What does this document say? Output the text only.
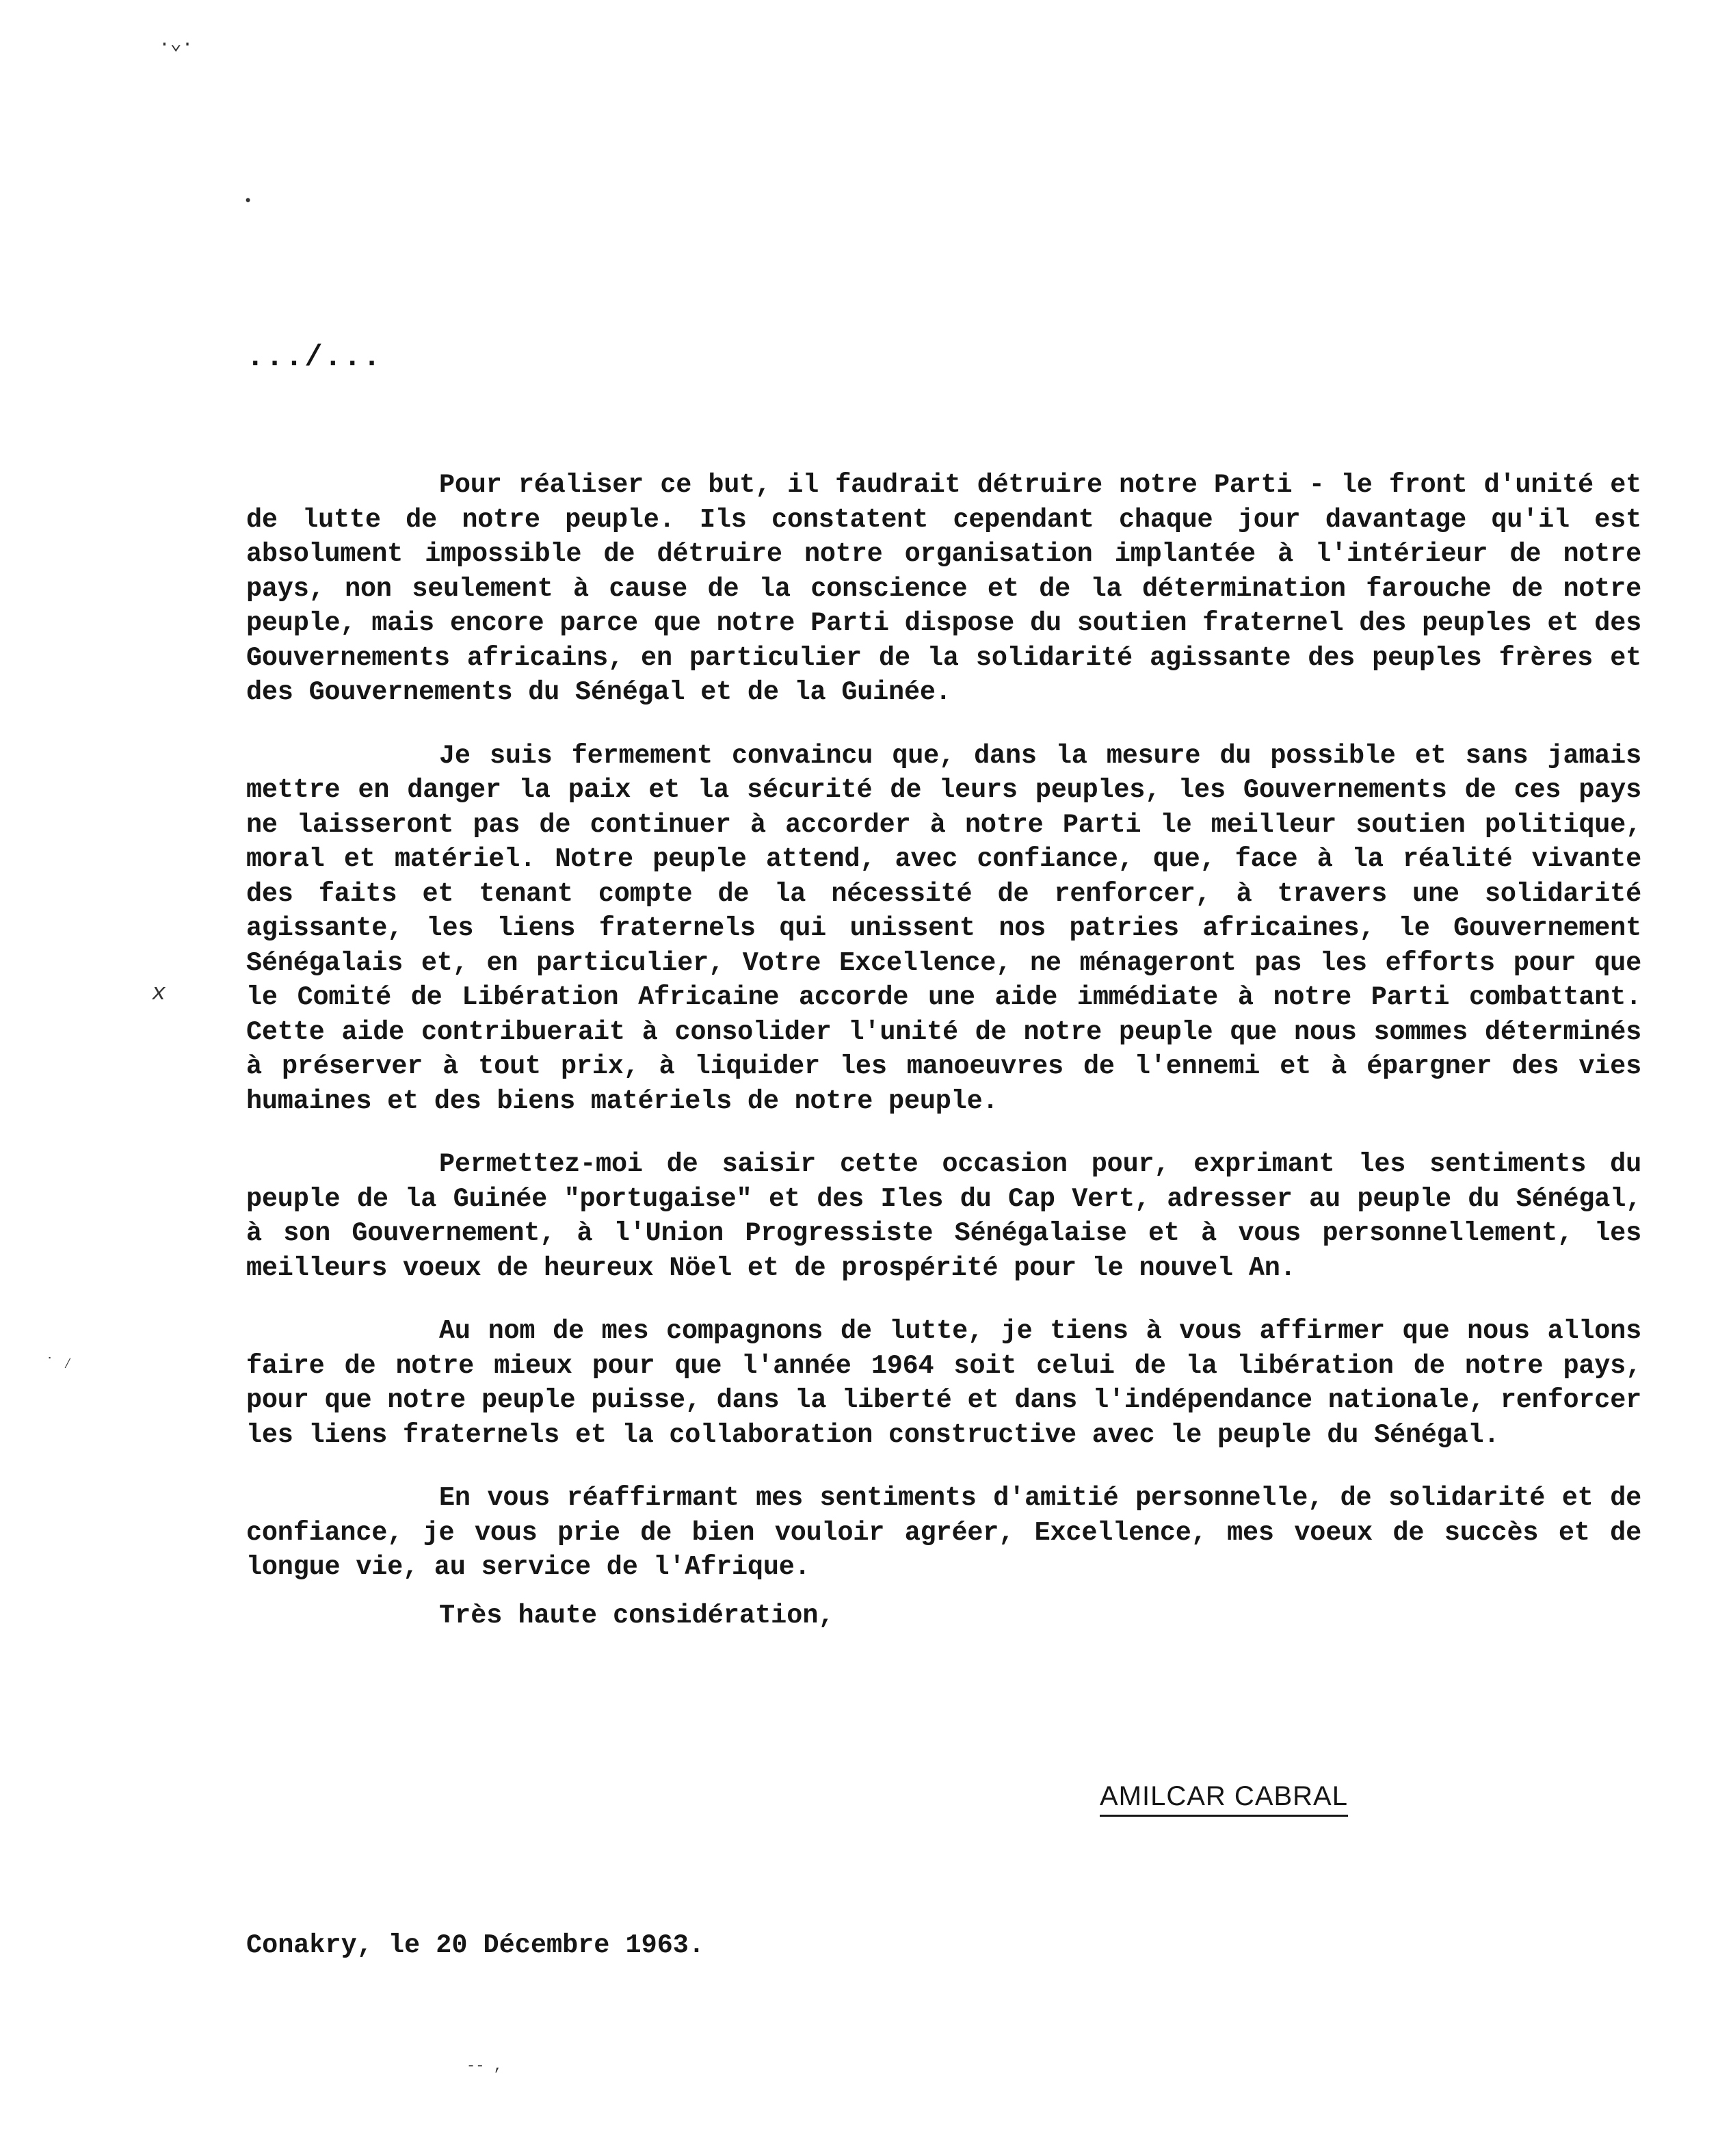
·⌄·
•
x
˙ ⁄
-- ,
.../...

Pour réaliser ce but, il faudrait détruire notre Parti - le front d'unité et de lutte de notre peuple. Ils constatent cependant chaque jour davantage qu'il est absolument impossible de détruire notre organisation implantée à l'intérieur de notre pays, non seulement à cause de la conscience et de la détermination farouche de notre peuple, mais encore parce que notre Parti dispose du soutien fraternel des peuples et des Gouvernements africains, en particulier de la solidarité agissante des peuples frères et des Gouvernements du Sénégal et de la Guinée.

Je suis fermement convaincu que, dans la mesure du possible et sans jamais mettre en danger la paix et la sécurité de leurs peuples, les Gouvernements de ces pays ne laisseront pas de continuer à accorder à notre Parti le meilleur soutien politique, moral et matériel. Notre peuple attend, avec confiance, que, face à la réalité vivante des faits et tenant compte de la nécessité de renforcer, à travers une solidarité agissante, les liens fraternels qui unissent nos patries africaines, le Gouvernement Sénégalais et, en particulier, Votre Excellence, ne ménageront pas les efforts pour que le Comité de Libération Africaine accorde une aide immédiate à notre Parti combattant. Cette aide contribuerait à consolider l'unité de notre peuple que nous sommes déterminés à préserver à tout prix, à liquider les manoeuvres de l'ennemi et à épargner des vies humaines et des biens matériels de notre peuple.

Permettez-moi de saisir cette occasion pour, exprimant les sentiments du peuple de la Guinée "portugaise" et des Iles du Cap Vert, adresser au peuple du Sénégal, à son Gouvernement, à l'Union Progressiste Sénégalaise et à vous personnellement, les meilleurs voeux de heureux Nöel et de prospérité pour le nouvel An.

Au nom de mes compagnons de lutte, je tiens à vous affirmer que nous allons faire de notre mieux pour que l'année 1964 soit celui de la libération de notre pays, pour que notre peuple puisse, dans la liberté et dans l'indépendance nationale, renforcer les liens fraternels et la collaboration constructive avec le peuple du Sénégal.

En vous réaffirmant mes sentiments d'amitié personnelle, de solidarité et de confiance, je vous prie de bien vouloir agréer, Excellence, mes voeux de succès et de longue vie, au service de l'Afrique.

Très haute considération,
AMILCAR CABRAL
Conakry, le 20 Décembre 1963.
